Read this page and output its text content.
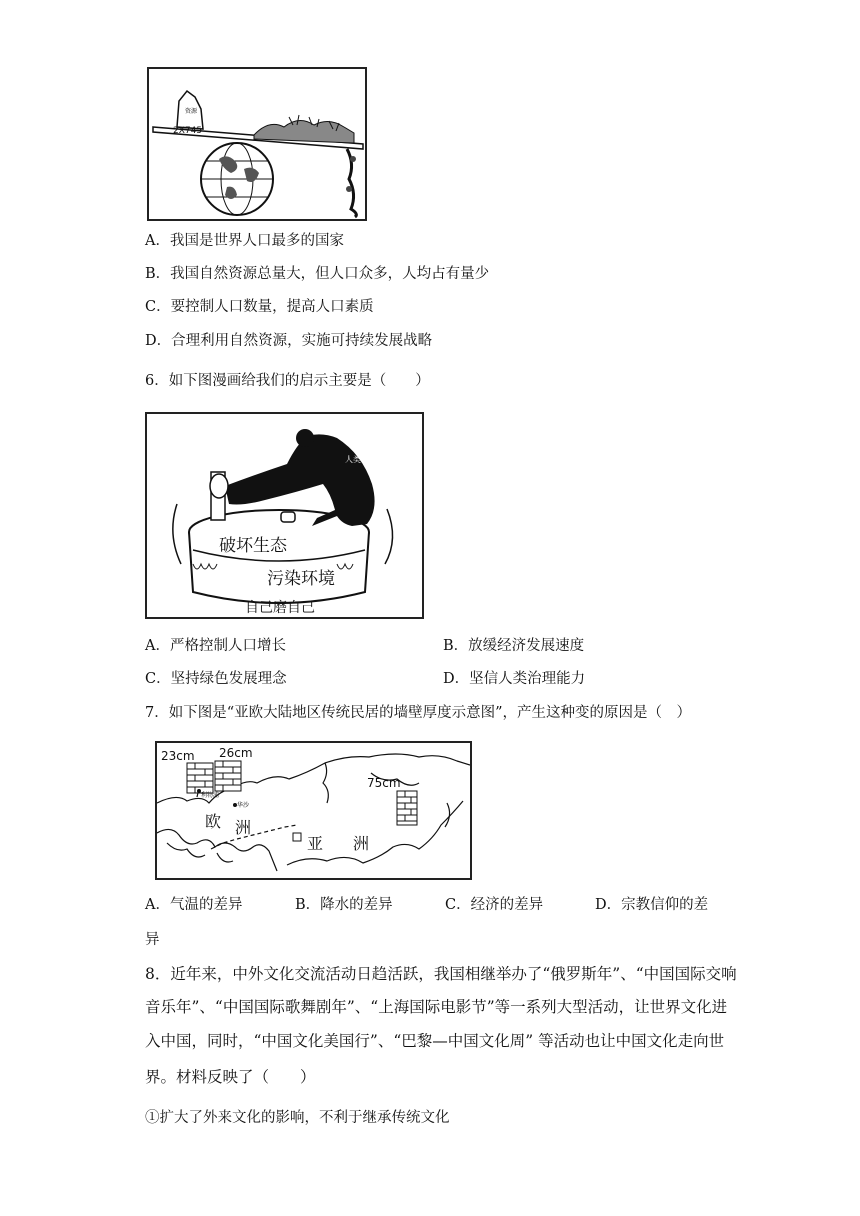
资源
2X745
A．我国是世界人口最多的国家
B．我国自然资源总量大，但人口众多，人均占有量少
C．要控制人口数量，提高人口素质
D．合理利用自然资源，实施可持续发展战略
6．如下图漫画给我们的启示主要是（　　）
破坏生态
污染环境
自己磨自己
人类
A．严格控制人口增长	B．放缓经济发展速度
C．坚持绿色发展理念	D．坚信人类治理能力
7．如下图是“亚欧大陆地区传统民居的墙壁厚度示意图”，产生这种变的原因是（　）
23cm 26cm
75cm
利物浦
华沙
欧 洲
亚 洲
A．气温的差异	B．降水的差异	C．经济的差异	D．宗教信仰的差
异
8．近年来，中外文化交流活动日趋活跃，我国相继举办了“俄罗斯年”、“中国国际交响
音乐年”、“中国国际歌舞剧年”、“上海国际电影节”等一系列大型活动，让世界文化进
入中国，同时，“中国文化美国行”、“巴黎—中国文化周” 等活动也让中国文化走向世
界。材料反映了（　　）
①扩大了外来文化的影响，不利于继承传统文化
